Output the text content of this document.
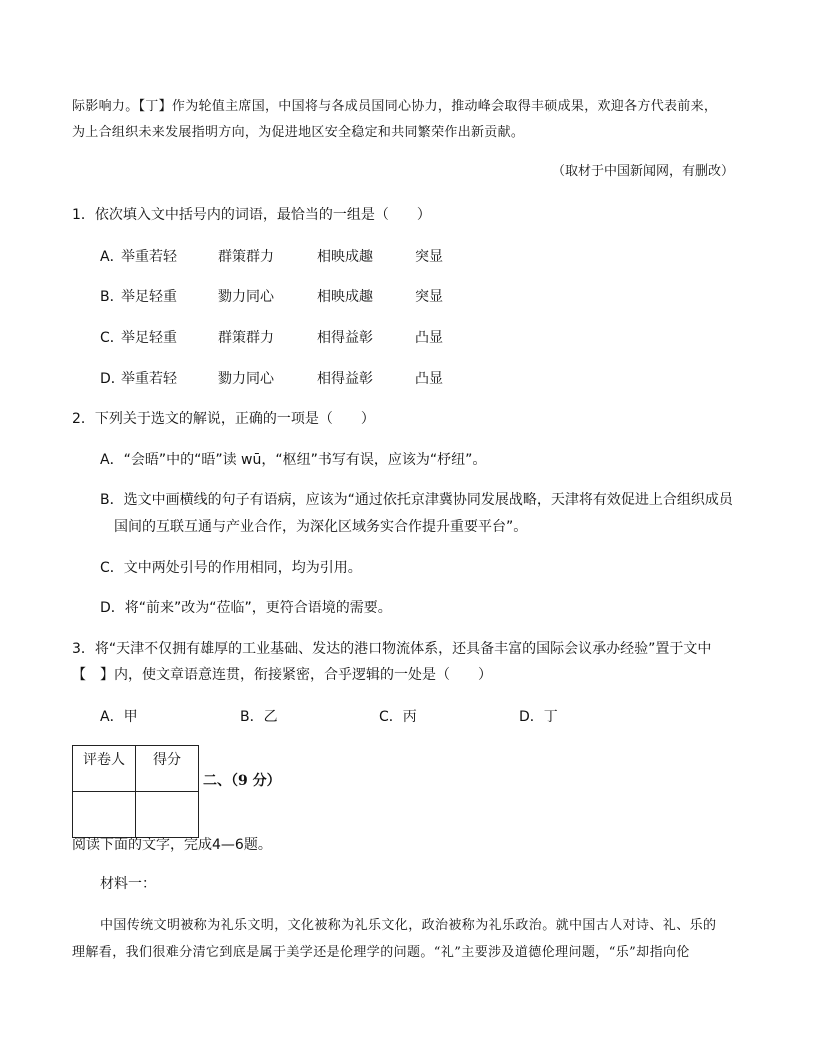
际影响力。【丁】作为轮值主席国，中国将与各成员国同心协力，推动峰会取得丰硕成果，欢迎各方代表前来，
为上合组织未来发展指明方向，为促进地区安全稳定和共同繁荣作出新贡献。
（取材于中国新闻网，有删改）
1．依次填入文中括号内的词语，最恰当的一组是（　　）
A．
举重若轻	群策群力	相映成趣	突显
B．
举足轻重	勠力同心	相映成趣	突显
C．
举足轻重	群策群力	相得益彰	凸显
D．
举重若轻	勠力同心	相得益彰	凸显
2．下列关于选文的解说，正确的一项是（　　）
A．“会晤”中的“晤”读 wū，“枢纽”书写有误，应该为“杼纽”。
B．选文中画横线的句子有语病，应该为“通过依托京津冀协同发展战略，天津将有效促进上合组织成员
国间的互联互通与产业合作，为深化区域务实合作提升重要平台”。
C．文中两处引号的作用相同，均为引用。
D．将“前来”改为“莅临”，更符合语境的需要。
3．将“天津不仅拥有雄厚的工业基础、发达的港口物流体系，还具备丰富的国际会议承办经验”置于文中
【　】内，使文章语意连贯，衔接紧密，合乎逻辑的一处是（　　）
A．甲	B．乙	C．丙	D．丁
评卷人	得分

二、（9 分）
阅读下面的文字，完成4—6题。
材料一：
中国传统文明被称为礼乐文明，文化被称为礼乐文化，政治被称为礼乐政治。就中国古人对诗、礼、乐的
理解看，我们很难分清它到底是属于美学还是伦理学的问题。“礼”主要涉及道德伦理问题，“乐”却指向伦
